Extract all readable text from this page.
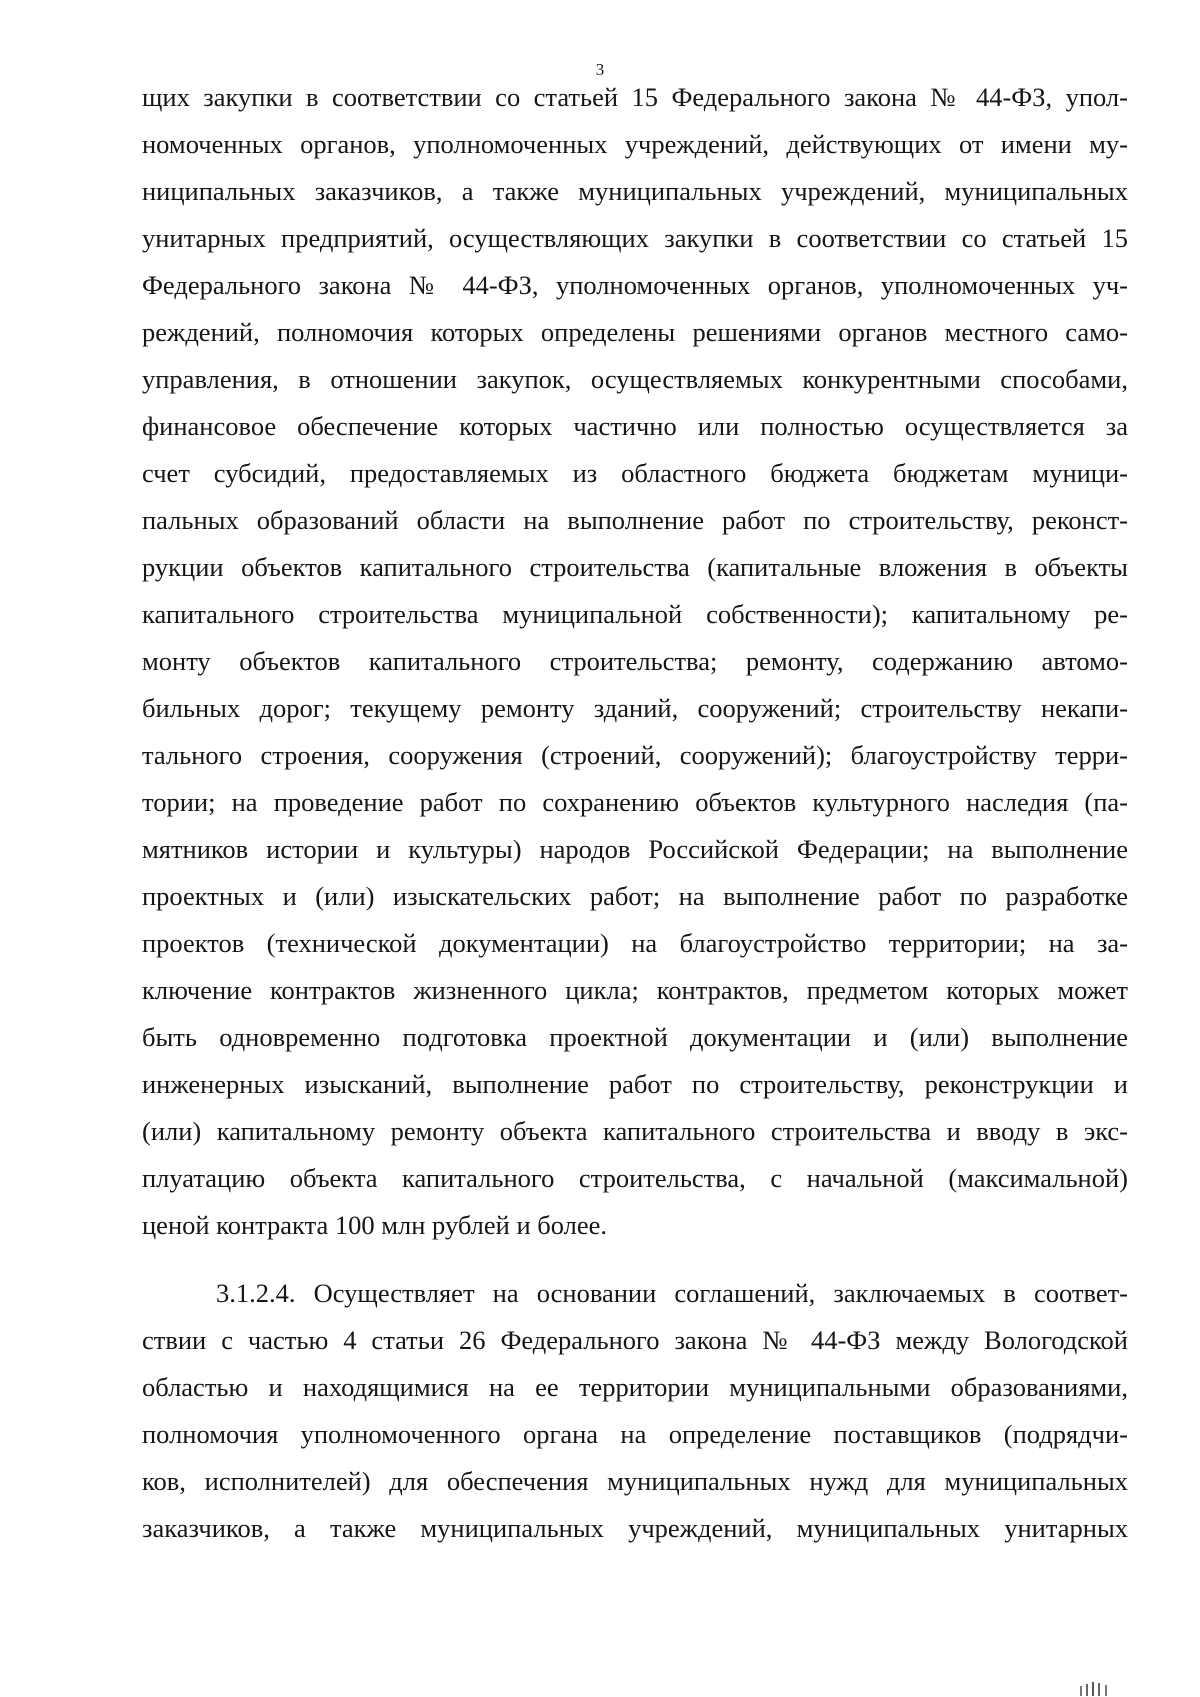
3
щих закупки в соответствии со статьей 15 Федерального закона № 44-ФЗ, упол-
номоченных органов, уполномоченных учреждений, действующих от имени му-
ниципальных заказчиков, а также муниципальных учреждений, муниципальных
унитарных предприятий, осуществляющих закупки в соответствии со статьей 15
Федерального закона № 44-ФЗ, уполномоченных органов, уполномоченных уч-
реждений, полномочия которых определены решениями органов местного само-
управления, в отношении закупок, осуществляемых конкурентными способами,
финансовое обеспечение которых частично или полностью осуществляется за
счет субсидий, предоставляемых из областного бюджета бюджетам муници-
пальных образований области на выполнение работ по строительству, реконст-
рукции объектов капитального строительства (капитальные вложения в объекты
капитального строительства муниципальной собственности); капитальному ре-
монту объектов капитального строительства; ремонту, содержанию автомо-
бильных дорог; текущему ремонту зданий, сооружений; строительству некапи-
тального строения, сооружения (строений, сооружений); благоустройству терри-
тории; на проведение работ по сохранению объектов культурного наследия (па-
мятников истории и культуры) народов Российской Федерации; на выполнение
проектных и (или) изыскательских работ; на выполнение работ по разработке
проектов (технической документации) на благоустройство территории; на за-
ключение контрактов жизненного цикла; контрактов, предметом которых может
быть одновременно подготовка проектной документации и (или) выполнение
инженерных изысканий, выполнение работ по строительству, реконструкции и
(или) капитальному ремонту объекта капитального строительства и вводу в экс-
плуатацию объекта капитального строительства, с начальной (максимальной)
ценой контракта 100 млн рублей и более.
3.1.2.4. Осуществляет на основании соглашений, заключаемых в соответ-
ствии с частью 4 статьи 26 Федерального закона № 44-ФЗ между Вологодской
областью и находящимися на ее территории муниципальными образованиями,
полномочия уполномоченного органа на определение поставщиков (подрядчи-
ков, исполнителей) для обеспечения муниципальных нужд для муниципальных
заказчиков, а также муниципальных учреждений, муниципальных унитарных
